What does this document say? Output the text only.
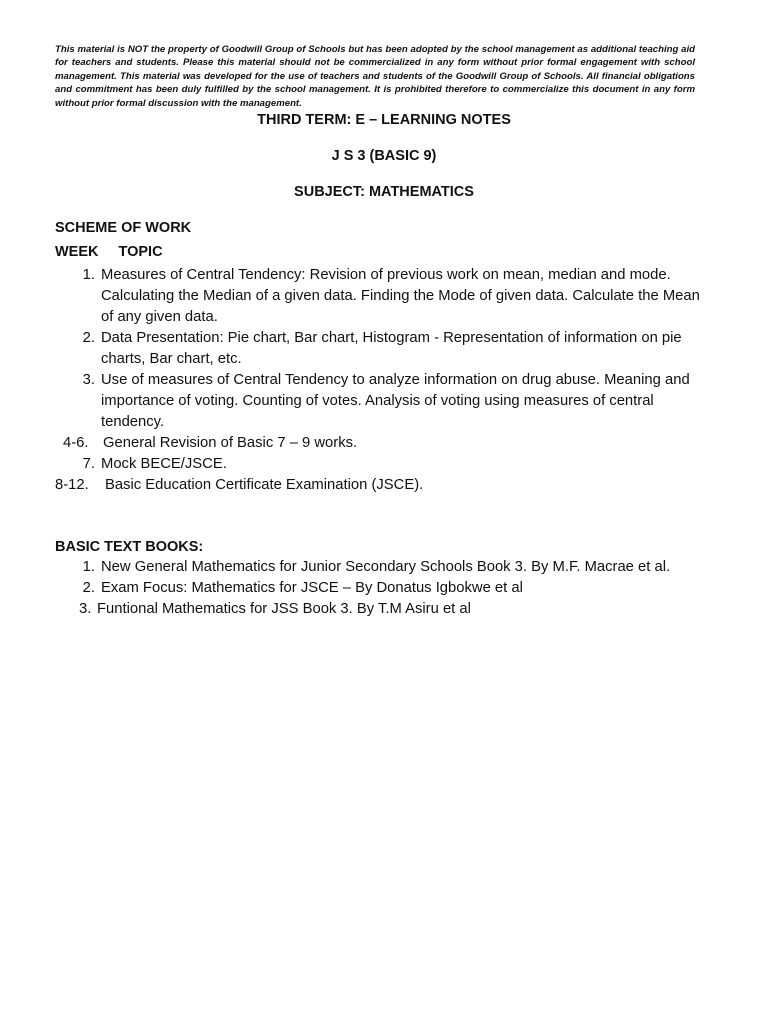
This material is NOT the property of Goodwill Group of Schools but has been adopted by the school management as additional teaching aid for teachers and students. Please this material should not be commercialized in any form without prior formal engagement with school management. This material was developed for the use of teachers and students of the Goodwill Group of Schools. All financial obligations and commitment has been duly fulfilled by the school management. It is prohibited therefore to commercialize this document in any form without prior formal discussion with the management.

THIRD TERM: E – LEARNING NOTES
J S 3 (BASIC 9)
SUBJECT: MATHEMATICS
SCHEME OF WORK
WEEK TOPIC
1. Measures of Central Tendency: Revision of previous work on mean, median and mode. Calculating the Median of a given data. Finding the Mode of given data. Calculate the Mean of any given data.
2. Data Presentation: Pie chart, Bar chart, Histogram - Representation of information on pie charts, Bar chart, etc.
3. Use of measures of Central Tendency to analyze information on drug abuse. Meaning and importance of voting. Counting of votes. Analysis of voting using measures of central tendency.
4-6. General Revision of Basic 7 – 9 works.
7. Mock BECE/JSCE.
8-12.	Basic Education Certificate Examination (JSCE).
BASIC TEXT BOOKS:
1. New General Mathematics for Junior Secondary Schools Book 3. By M.F. Macrae et al.
2. Exam Focus: Mathematics for JSCE – By Donatus Igbokwe et al
3. Funtional Mathematics for JSS Book 3. By T.M Asiru et al
